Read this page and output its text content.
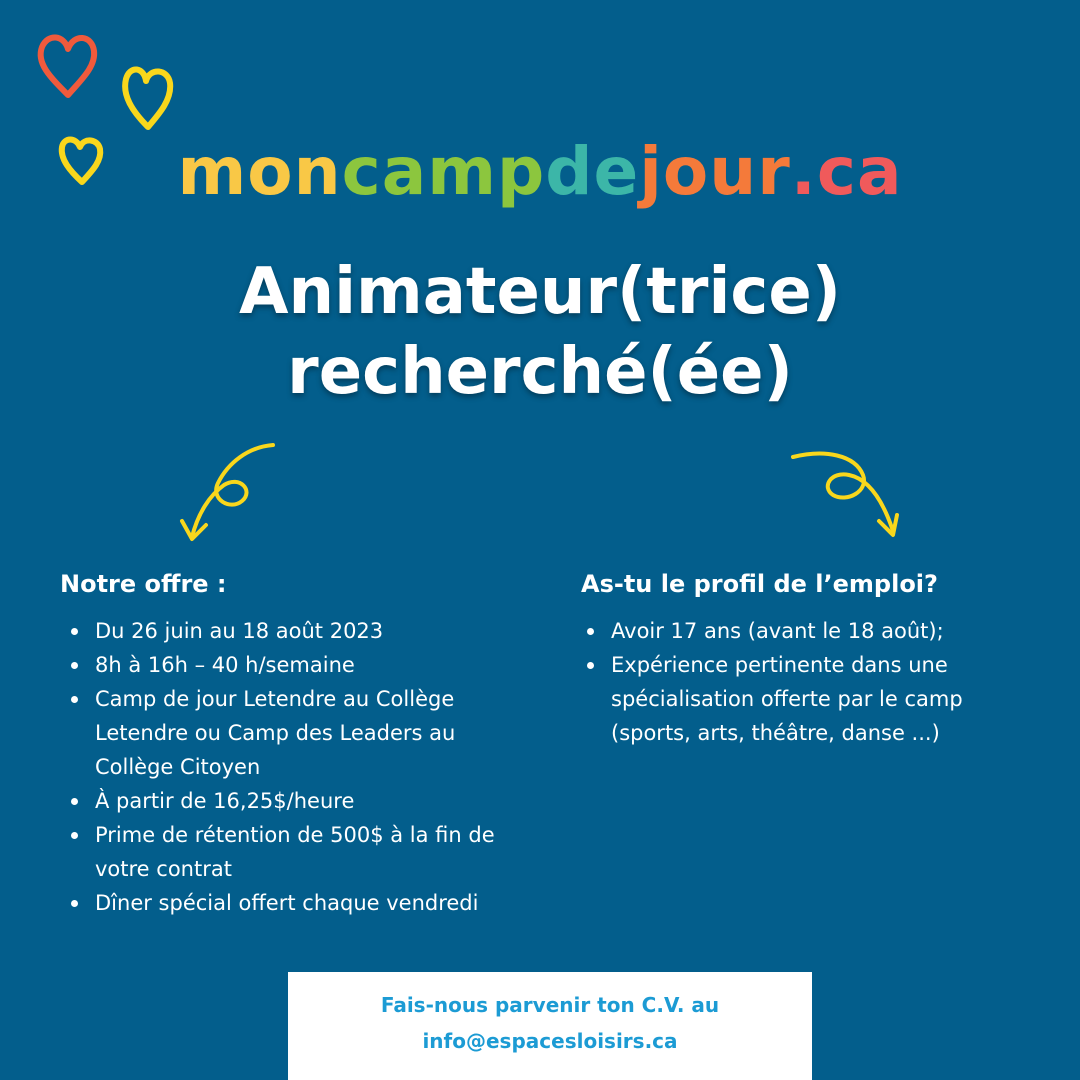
moncampdejour.ca
Animateur(trice)
recherché(ée)
Notre offre :
Du 26 juin au 18 août 2023
8h à 16h – 40 h/semaine
Camp de jour Letendre au Collège Letendre ou Camp des Leaders au Collège Citoyen
À partir de 16,25$/heure
Prime de rétention de 500$ à la fin de votre contrat
Dîner spécial offert chaque vendredi
As-tu le profil de l’emploi?
Avoir 17 ans (avant le 18 août);
Expérience pertinente dans une spécialisation offerte par le camp (sports, arts, théâtre, danse ...)
Fais-nous parvenir ton C.V. au
info@espacesloisirs.ca
